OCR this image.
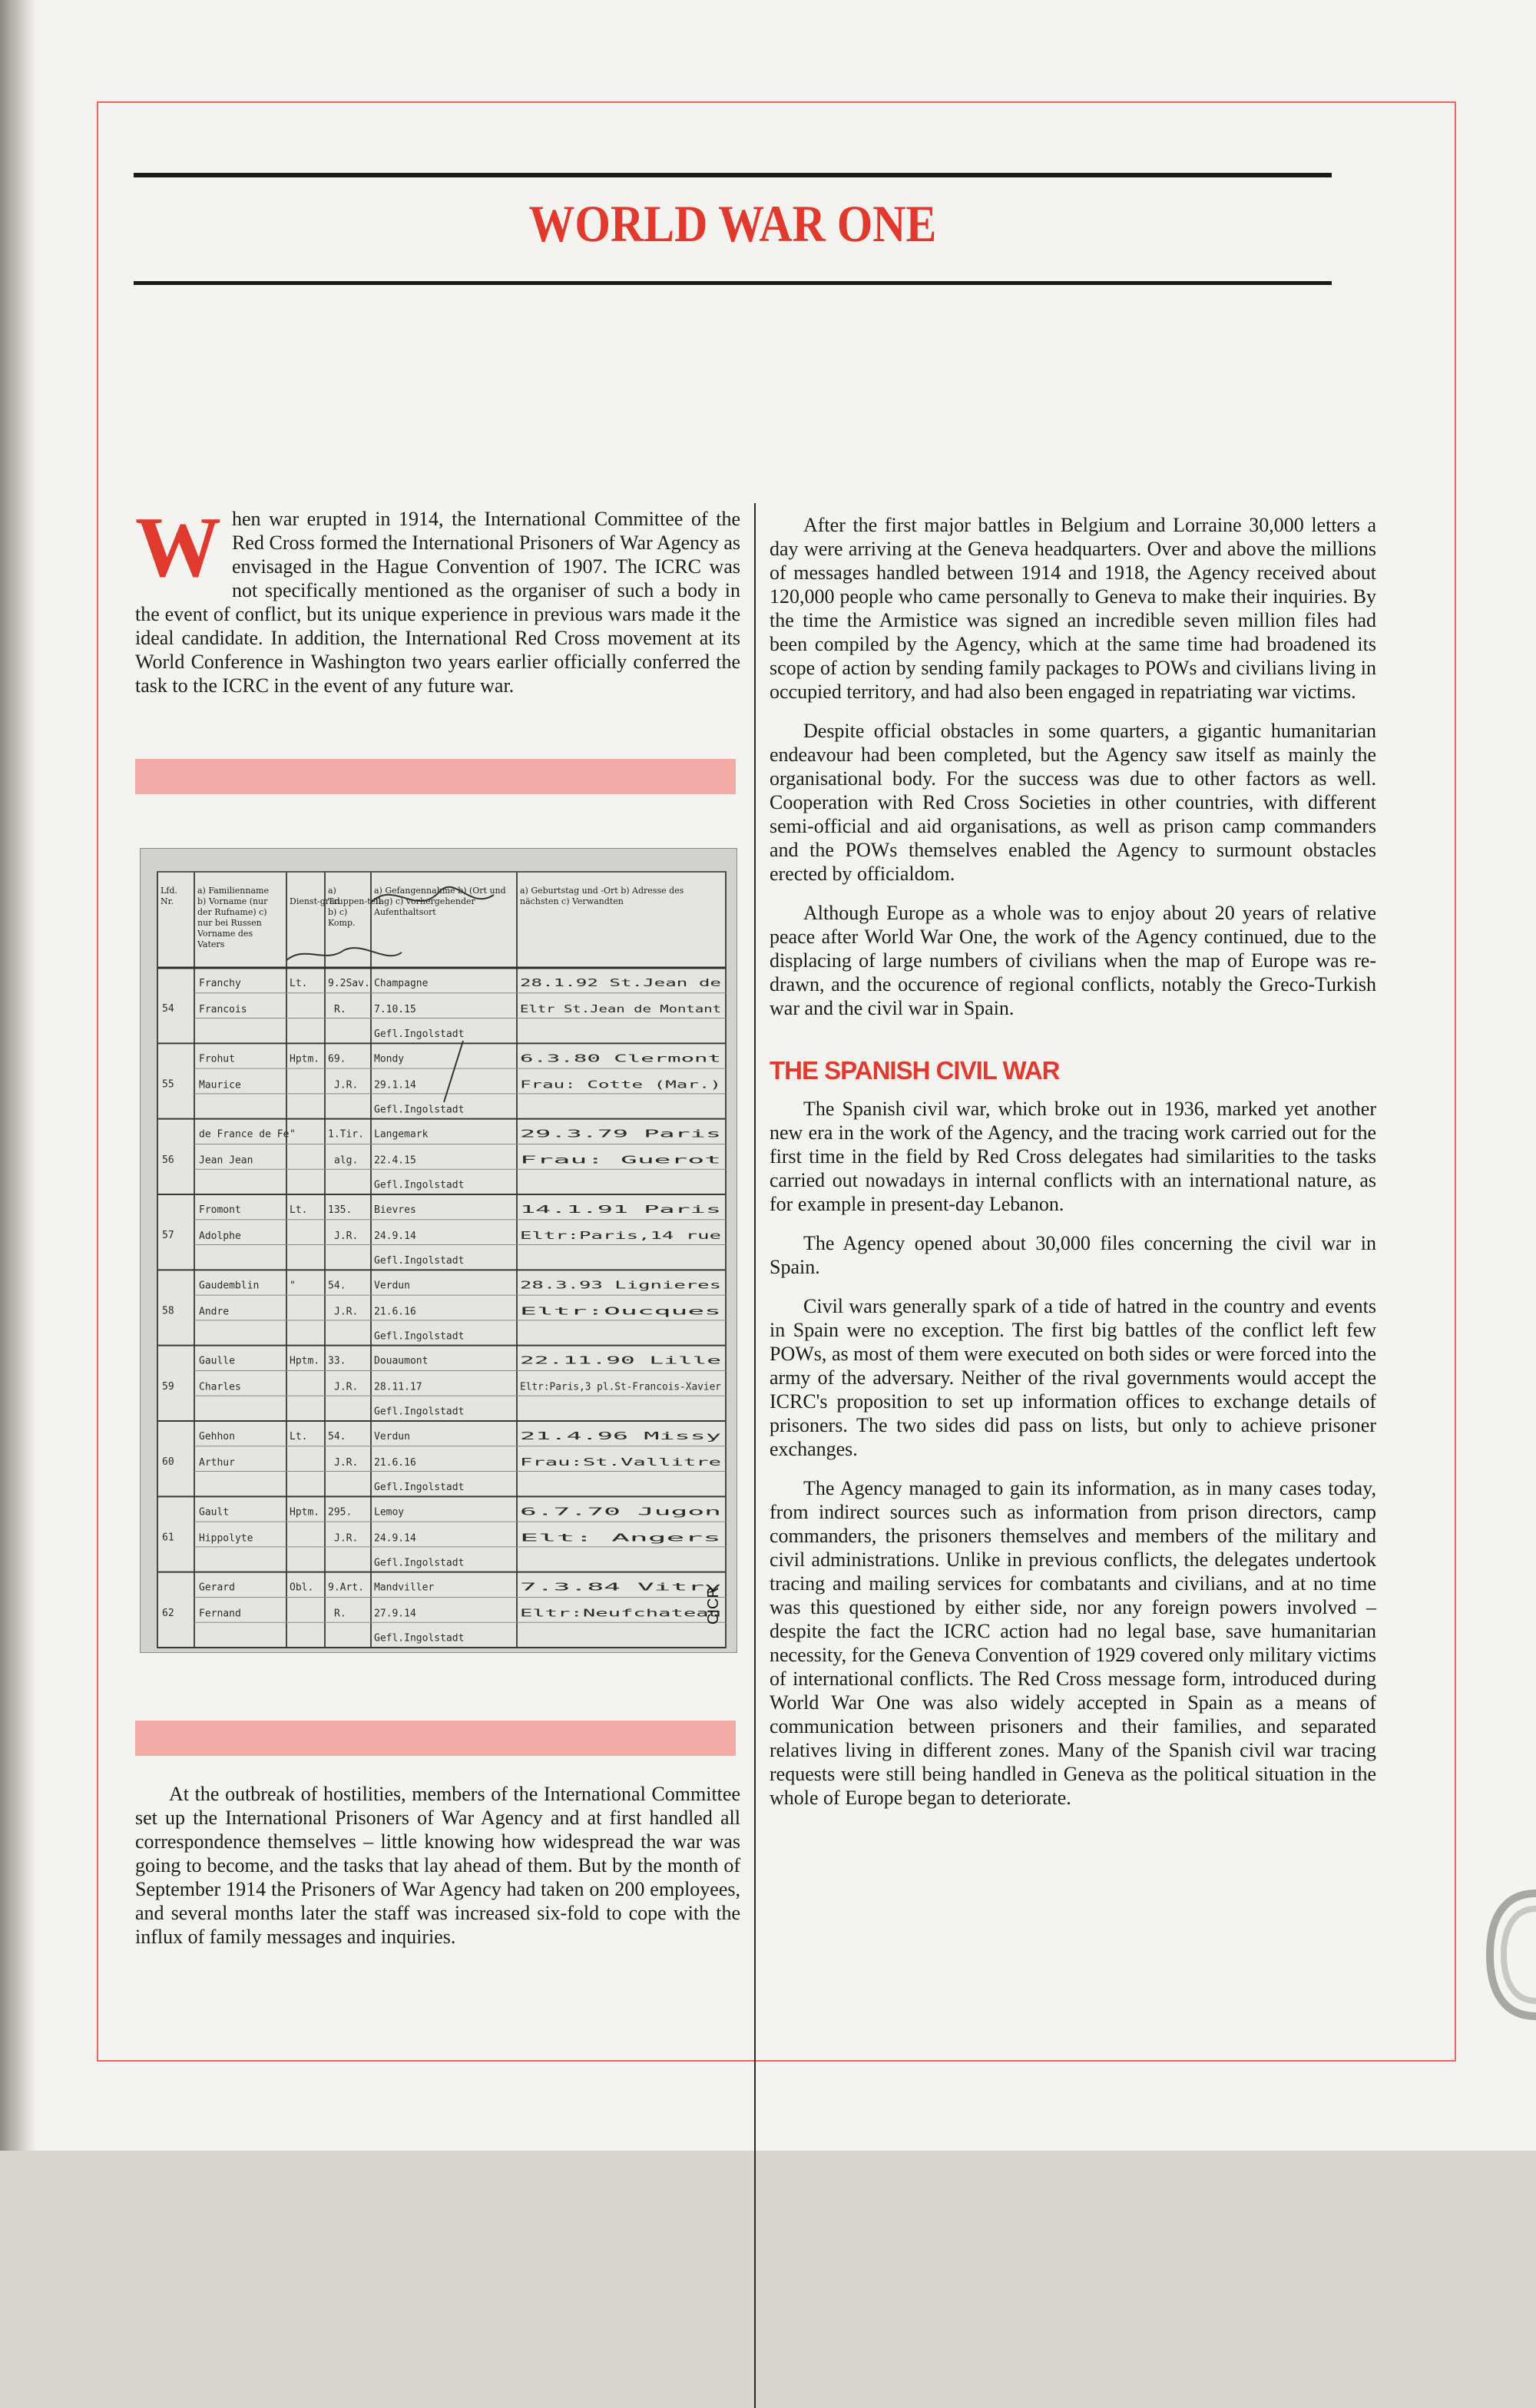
WORLD WAR ONE

When war erupted in 1914, the International Committee of the Red Cross formed the International Prisoners of War Agency as envisaged in the Hague Convention of 1907. The ICRC was not specifically mentioned as the organiser of such a body in the event of conflict, but its unique experience in previous wars made it the ideal candidate. In addition, the International Red Cross movement at its World Conference in Washington two years earlier officially conferred the task to the ICRC in the event of any future war.

Lfd.
Nr.
a) Familienname
b) Vorname (nur
der Rufname) c)
nur bei Russen
Vorname des
Vaters
Dienst-grad
a)
Truppen-teil
b) c)
Komp.
a) Gefangennahme b) (Ort und
Tag) c) vorhergehender
Aufenthaltsort
a) Geburtstag und -Ort b) Adresse des
nächsten c) Verwandten
54
Franchy
Francois
Lt. 9.2Sav.
R.
Champagne
7.10.15
Gefl.Ingolstadt
28.1.92 St.Jean de
Eltr St.Jean de Montant
55
Frohut
Maurice
Hptm. 69.
J.R.
Mondy
29.1.14
Gefl.Ingolstadt
6.3.80 Clermont
Frau: Cotte (Mar.)
56
de France de Fe
Jean Jean
"	1.Tir.
alg.
Langemark
22.4.15
Gefl.Ingolstadt
29.3.79 Paris
Frau: Guerot
57
Fromont
Adolphe
Lt. 135.
J.R.
Bievres
24.9.14
Gefl.Ingolstadt
14.1.91 Paris
Eltr:Paris,14 rue
58
Gaudemblin
Andre
"	54.
J.R.
Verdun
21.6.16
Gefl.Ingolstadt
28.3.93 Lignieres
Eltr:Oucques
59
Gaulle
Charles
Hptm. 33.
J.R.
Douaumont
28.11.17
Gefl.Ingolstadt
22.11.90 Lille
Eltr:Paris,3 pl.St-Francois-Xavier
60
Gehhon
Arthur
Lt. 54.
J.R.
Verdun
21.6.16
Gefl.Ingolstadt
21.4.96 Missy
Frau:St.Vallitre
61
Gault
Hippolyte
Hptm. 295.
J.R.
Lemoy
24.9.14
Gefl.Ingolstadt
6.7.70 Jugon
Elt: Angers
62
Gerard
Fernand
Obl. 9.Art.
R.
Mandviller
27.9.14
Gefl.Ingolstadt
7.3.84 Vitry
Eltr:Neufchateau
CICR

At the outbreak of hostilities, members of the International Committee set up the International Prisoners of War Agency and at first handled all correspondence themselves – little knowing how widespread the war was going to become, and the tasks that lay ahead of them. But by the month of September 1914 the Prisoners of War Agency had taken on 200 employees, and several months later the staff was increased six-fold to cope with the influx of family messages and inquiries.

After the first major battles in Belgium and Lorraine 30,000 letters a day were arriving at the Geneva headquarters. Over and above the millions of messages handled between 1914 and 1918, the Agency received about 120,000 people who came personally to Geneva to make their inquiries. By the time the Armistice was signed an incredible seven million files had been compiled by the Agency, which at the same time had broadened its scope of action by sending family packages to POWs and civilians living in occupied territory, and had also been engaged in repatriating war victims.

Despite official obstacles in some quarters, a gigantic humanitarian endeavour had been completed, but the Agency saw itself as mainly the organisational body. For the success was due to other factors as well. Cooperation with Red Cross Societies in other countries, with different semi-official and aid organisations, as well as prison camp commanders and the POWs themselves enabled the Agency to surmount obstacles erected by officialdom.

Although Europe as a whole was to enjoy about 20 years of relative peace after World War One, the work of the Agency continued, due to the displacing of large numbers of civilians when the map of Europe was re-drawn, and the occurence of regional conflicts, notably the Greco-Turkish war and the civil war in Spain.

THE SPANISH CIVIL WAR

The Spanish civil war, which broke out in 1936, marked yet another new era in the work of the Agency, and the tracing work carried out for the first time in the field by Red Cross delegates had similarities to the tasks carried out nowadays in internal conflicts with an international nature, as for example in present-day Lebanon.

The Agency opened about 30,000 files concerning the civil war in Spain.

Civil wars generally spark of a tide of hatred in the country and events in Spain were no exception. The first big battles of the conflict left few POWs, as most of them were executed on both sides or were forced into the army of the adversary. Neither of the rival governments would accept the ICRC's proposition to set up information offices to exchange details of prisoners. The two sides did pass on lists, but only to achieve prisoner exchanges.

The Agency managed to gain its information, as in many cases today, from indirect sources such as information from prison directors, camp commanders, the prisoners themselves and members of the military and civil administrations. Unlike in previous conflicts, the delegates undertook tracing and mailing services for combatants and civilians, and at no time was this questioned by either side, nor any foreign powers involved – despite the fact the ICRC action had no legal base, save humanitarian necessity, for the Geneva Convention of 1929 covered only military victims of international conflicts. The Red Cross message form, introduced during World War One was also widely accepted in Spain as a means of communication between prisoners and their families, and separated relatives living in different zones. Many of the Spanish civil war tracing requests were still being handled in Geneva as the political situation in the whole of Europe began to deteriorate.
